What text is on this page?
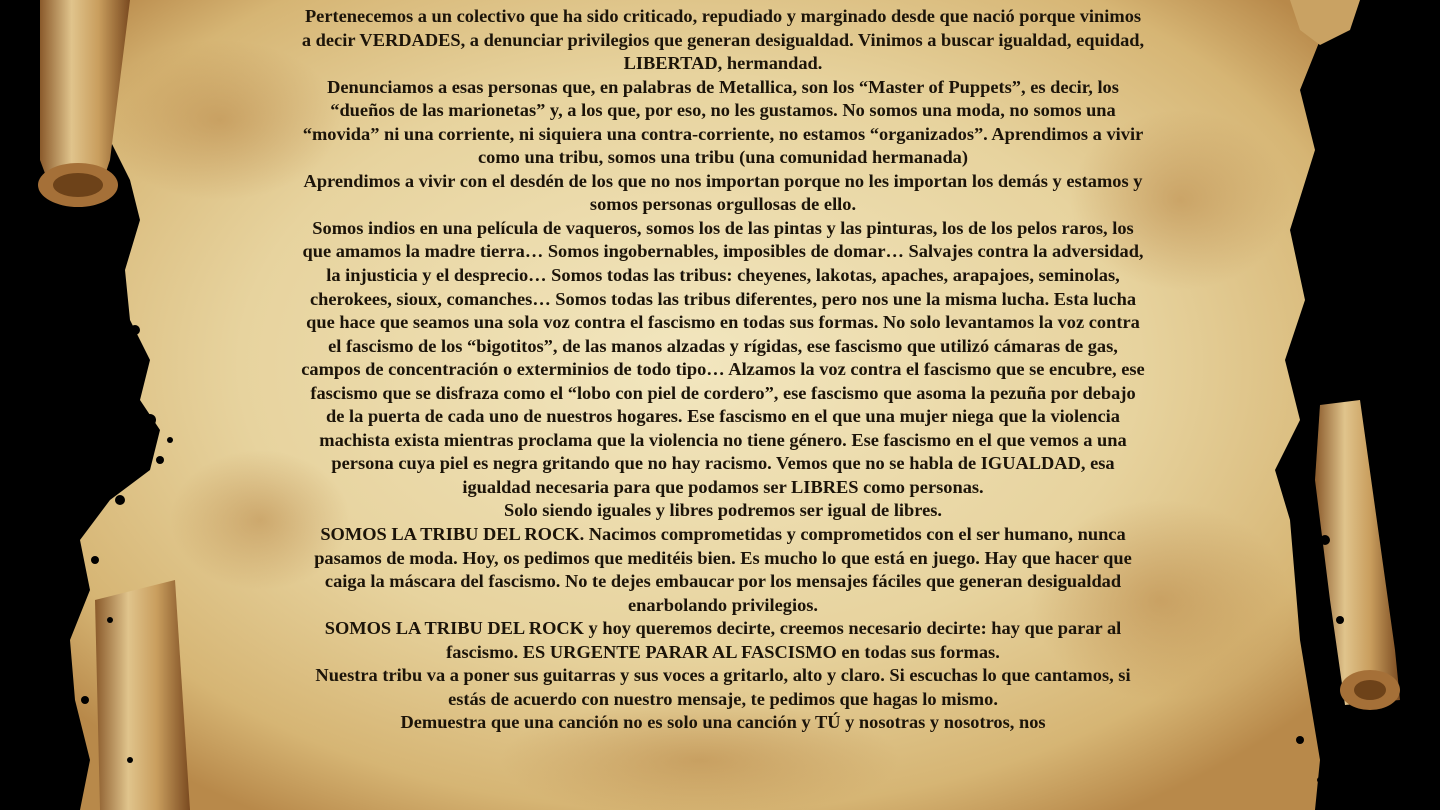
Pertenecemos a un colectivo que ha sido criticado, repudiado y marginado desde que nació porque vinimos a decir VERDADES, a denunciar privilegios que generan desigualdad. Vinimos a buscar igualdad, equidad, LIBERTAD, hermandad.

Denunciamos a esas personas que, en palabras de Metallica, son los “Master of Puppets”, es decir, los “dueños de las marionetas” y, a los que, por eso, no les gustamos. No somos una moda, no somos una “movida” ni una corriente, ni siquiera una contra-corriente, no estamos “organizados”. Aprendimos a vivir como una tribu, somos una tribu (una comunidad hermanada)

Aprendimos a vivir con el desdén de los que no nos importan porque no les importan los demás y estamos y somos personas orgullosas de ello.

Somos indios en una película de vaqueros, somos los de las pintas y las pinturas, los de los pelos raros, los que amamos la madre tierra… Somos ingobernables, imposibles de domar… Salvajes contra la adversidad, la injusticia y el desprecio… Somos todas las tribus: cheyenes, lakotas, apaches, arapajoes, seminolas, cherokees, sioux, comanches… Somos todas las tribus diferentes, pero nos une la misma lucha. Esta lucha que hace que seamos una sola voz contra el fascismo en todas sus formas. No solo levantamos la voz contra el fascismo de los “bigotitos”, de las manos alzadas y rígidas, ese fascismo que utilizó cámaras de gas, campos de concentración o exterminios de todo tipo… Alzamos la voz contra el fascismo que se encubre, ese fascismo que se disfraza como el “lobo con piel de cordero”, ese fascismo que asoma la pezuña por debajo de la puerta de cada uno de nuestros hogares. Ese fascismo en el que una mujer niega que la violencia machista exista mientras proclama que la violencia no tiene género. Ese fascismo en el que vemos a una persona cuya piel es negra gritando que no hay racismo. Vemos que no se habla de IGUALDAD, esa igualdad necesaria para que podamos ser LIBRES como personas.

Solo siendo iguales y libres podremos ser igual de libres.

SOMOS LA TRIBU DEL ROCK. Nacimos comprometidas y comprometidos con el ser humano, nunca pasamos de moda. Hoy, os pedimos que meditéis bien. Es mucho lo que está en juego. Hay que hacer que caiga la máscara del fascismo. No te dejes embaucar por los mensajes fáciles que generan desigualdad enarbolando privilegios.

SOMOS LA TRIBU DEL ROCK y hoy queremos decirte, creemos necesario decirte: hay que parar al fascismo. ES URGENTE PARAR AL FASCISMO en todas sus formas.

Nuestra tribu va a poner sus guitarras y sus voces a gritarlo, alto y claro. Si escuchas lo que cantamos, si estás de acuerdo con nuestro mensaje, te pedimos que hagas lo mismo.

Demuestra que una canción no es solo una canción y TÚ y nosotras y nosotros, nos
